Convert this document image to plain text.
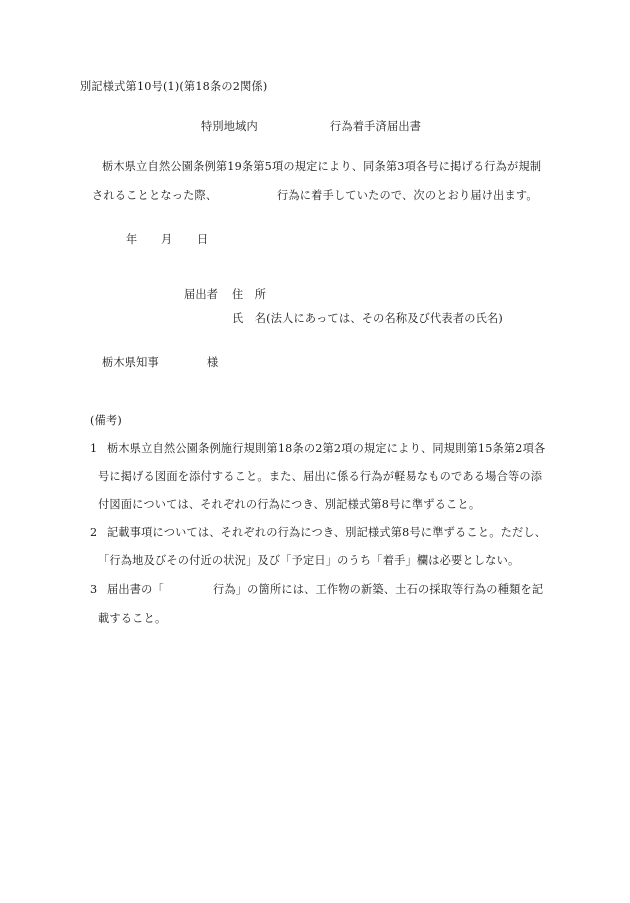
別記様式第10号(1)(第18条の2関係)
特別地域内	行為着手済届出書
栃木県立自然公園条例第19条第5項の規定により、同条第3項各号に掲げる行為が規制
されることとなった際、	行為に着手していたので、次のとおり届け出ます。
年 月 日
届出者 住　所
氏　名(法人にあっては、その名称及び代表者の氏名)
栃木県知事	様
(備考)
1 栃木県立自然公園条例施行規則第18条の2第2項の規定により、同規則第15条第2項各
号に掲げる図面を添付すること。また、届出に係る行為が軽易なものである場合等の添
付図面については、それぞれの行為につき、別記様式第8号に準ずること。
2 記載事項については、それぞれの行為につき、別記様式第8号に準ずること。ただし、
「行為地及びその付近の状況」及び「予定日」のうち「着手」欄は必要としない。
3 届出書の「	行為」の箇所には、工作物の新築、土石の採取等行為の種類を記
載すること。
